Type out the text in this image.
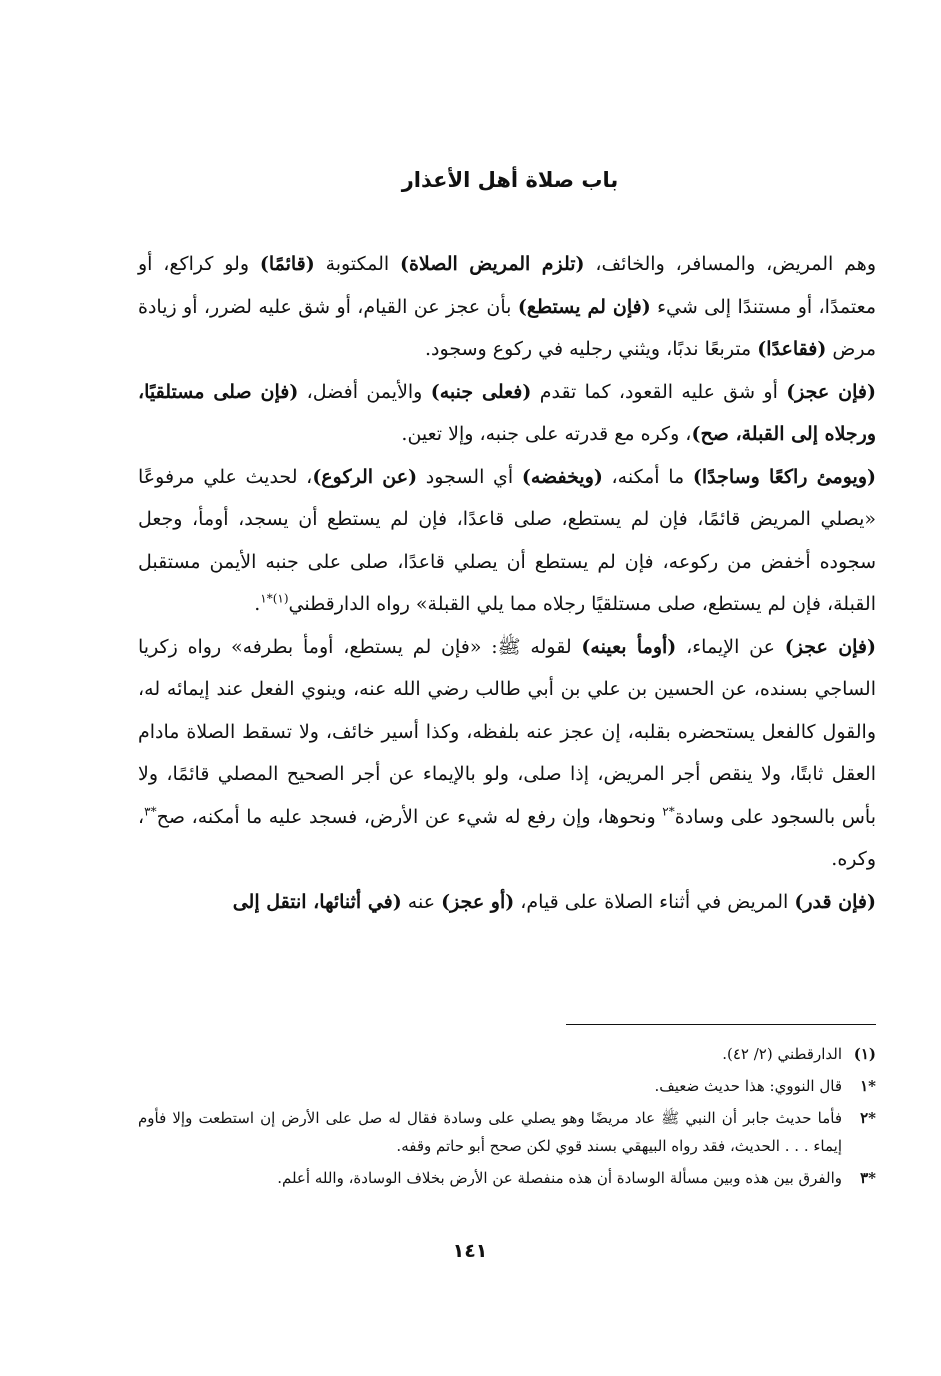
باب صلاة أهل الأعذار

وهم المريض، والمسافر، والخائف، (تلزم المريض الصلاة) المكتوبة (قائمًا) ولو كراكع، أو معتمدًا، أو مستندًا إلى شيء (فإن لم يستطع) بأن عجز عن القيام، أو شق عليه لضرر، أو زيادة مرض (فقاعدًا) متربعًا ندبًا، ويثني رجليه في ركوع وسجود.

(فإن عجز) أو شق عليه القعود، كما تقدم (فعلى جنبه) والأيمن أفضل، (فإن صلى مستلقيًا، ورجلاه إلى القبلة، صح)، وكره مع قدرته على جنبه، وإلا تعين.

(ويومئ راكعًا وساجدًا) ما أمكنه، (ويخفضه) أي السجود (عن الركوع)، لحديث علي مرفوعًا «يصلي المريض قائمًا، فإن لم يستطع، صلى قاعدًا، فإن لم يستطع أن يسجد، أومأ، وجعل سجوده أخفض من ركوعه، فإن لم يستطع أن يصلي قاعدًا، صلى على جنبه الأيمن مستقبل القبلة، فإن لم يستطع، صلى مستلقيًا رجلاه مما يلي القبلة» رواه الدارقطني$^{(١)*١}$.

(فإن عجز) عن الإيماء، (أومأ بعينه) لقوله ﷺ: «فإن لم يستطع، أومأ بطرفه» رواه زكريا الساجي بسنده، عن الحسين بن علي بن أبي طالب رضي الله عنه، وينوي الفعل عند إيمائه له، والقول كالفعل يستحضره بقلبه، إن عجز عنه بلفظه، وكذا أسير خائف، ولا تسقط الصلاة مادام العقل ثابتًا، ولا ينقص أجر المريض، إذا صلى، ولو بالإيماء عن أجر الصحيح المصلي قائمًا، ولا بأس بالسجود على وسادة$^{*٢}$ ونحوها، وإن رفع له شيء عن الأرض، فسجد عليه ما أمكنه، صح$^{*٣}$، وكره.

(فإن قدر) المريض في أثناء الصلاة على قيام، (أو عجز) عنه (في أثنائها، انتقل إلى

(١)
الدارقطني (٢/ ٤٢).
*١
قال النووي: هذا حديث ضعيف.
*٢
فأما حديث جابر أن النبي ﷺ عاد مريضًا وهو يصلي على وسادة فقال له صل على الأرض إن استطعت وإلا فأوم إيماء . . . الحديث، فقد رواه البيهقي بسند قوي لكن صحح أبو حاتم وقفه.
*٣
والفرق بين هذه وبين مسألة الوسادة أن هذه منفصلة عن الأرض بخلاف الوسادة، والله أعلم.
١٤١
